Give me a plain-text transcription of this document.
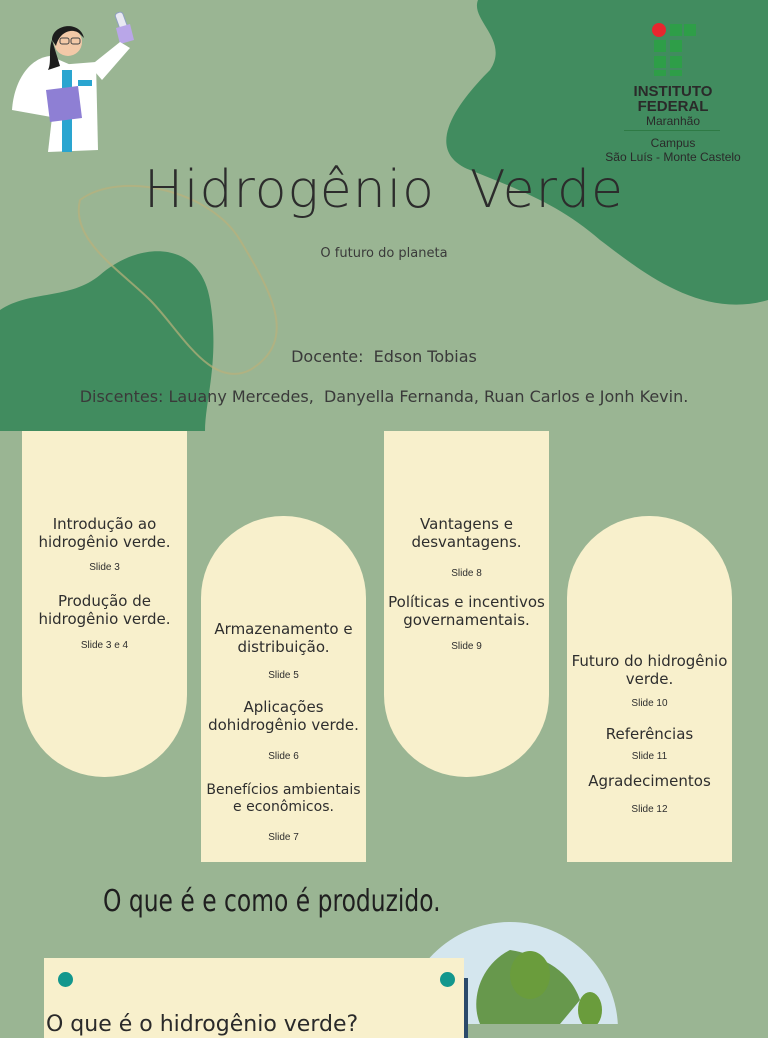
INSTITUTO
FEDERAL
Maranhão
Campus
São Luís - Monte Castelo
Hidrogênio  Verde
O futuro do planeta
Docente:  Edson Tobias
Discentes: Lauany Mercedes,  Danyella Fernanda, Ruan Carlos e Jonh Kevin.
Introdução ao hidrogênio verde.
Slide 3
Produção de hidrogênio verde.
Slide 3 e 4
Armazenamento e distribuição.
Slide 5
Aplicações dohidrogênio verde.
Slide 6
Benefícios ambientais e econômicos.
Slide 7
Vantagens e desvantagens.
Slide 8
Políticas e incentivos governamentais.
Slide 9
Futuro do hidrogênio verde.
Slide 10
Referências
Slide 11
Agradecimentos
Slide 12
O que é e como é produzido.
O que é o hidrogênio verde?
